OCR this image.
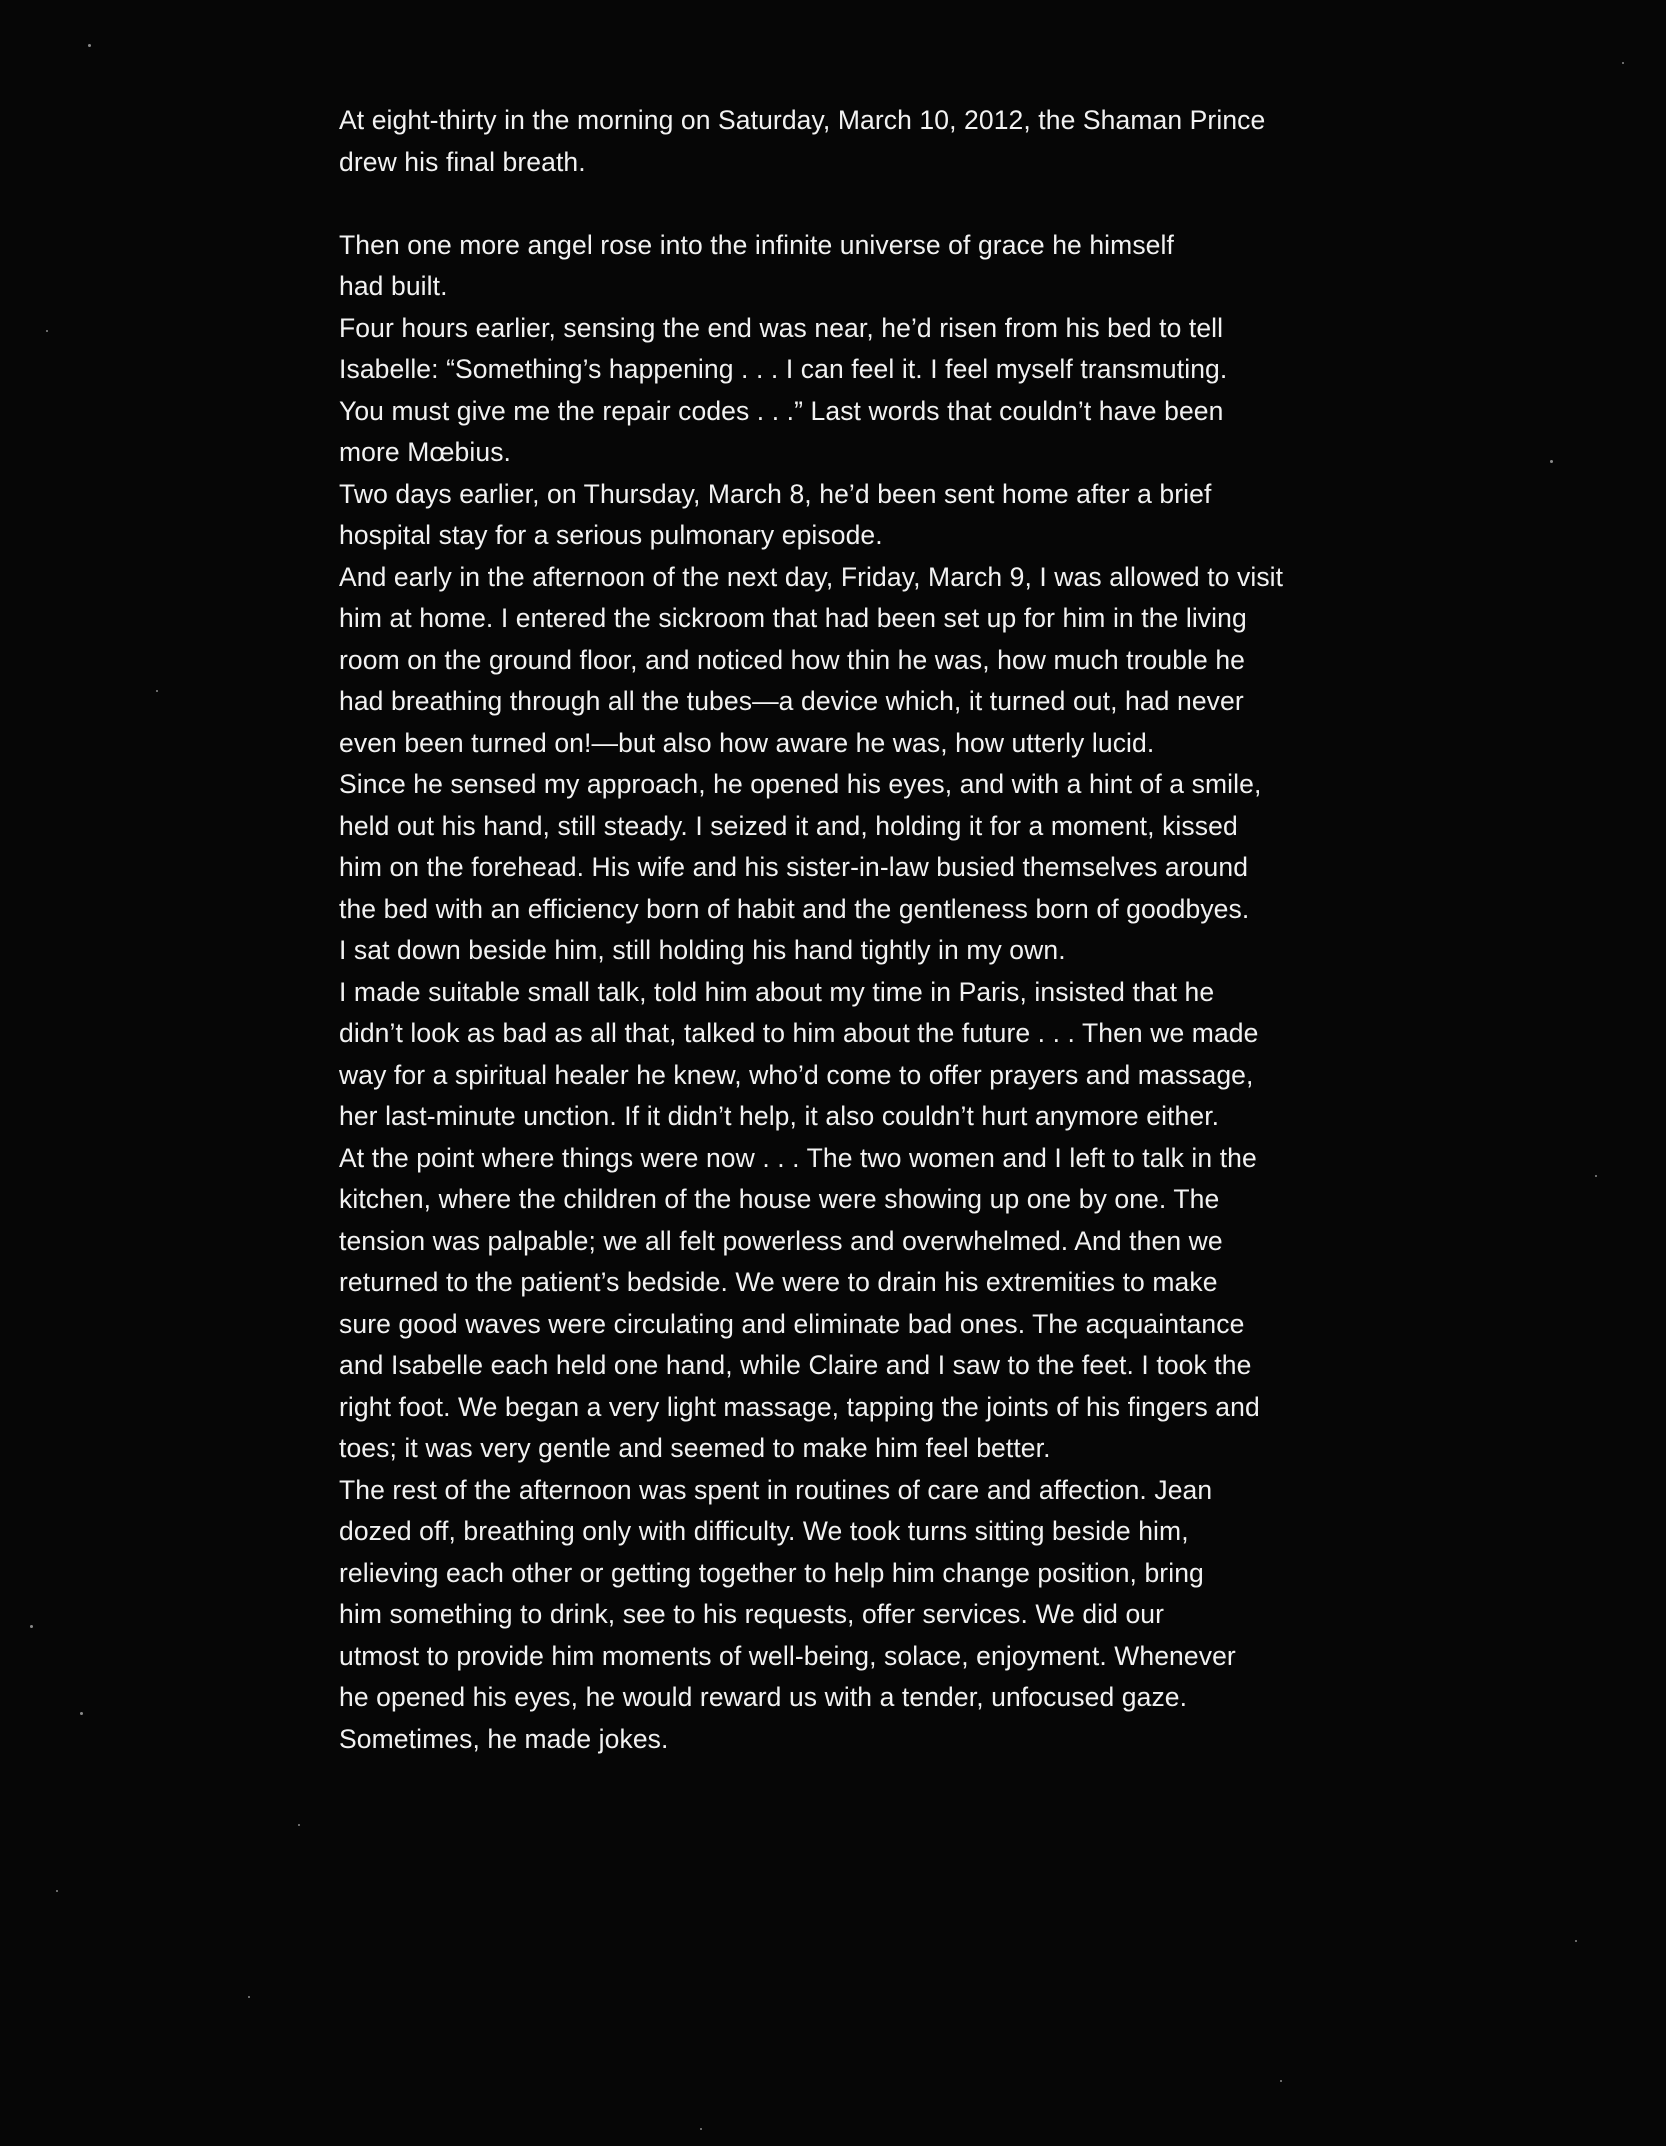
At eight-thirty in the morning on Saturday, March 10, 2012, the Shaman Prince
drew his final breath.
Then one more angel rose into the infinite universe of grace he himself
had built.
Four hours earlier, sensing the end was near, he’d risen from his bed to tell
Isabelle: “Something’s happening . . . I can feel it. I feel myself transmuting.
You must give me the repair codes . . .” Last words that couldn’t have been
more Mœbius.
Two days earlier, on Thursday, March 8, he’d been sent home after a brief
hospital stay for a serious pulmonary episode.
And early in the afternoon of the next day, Friday, March 9, I was allowed to visit
him at home. I entered the sickroom that had been set up for him in the living
room on the ground floor, and noticed how thin he was, how much trouble he
had breathing through all the tubes—a device which, it turned out, had never
even been turned on!—but also how aware he was, how utterly lucid.
Since he sensed my approach, he opened his eyes, and with a hint of a smile,
held out his hand, still steady. I seized it and, holding it for a moment, kissed
him on the forehead. His wife and his sister-in-law busied themselves around
the bed with an efficiency born of habit and the gentleness born of goodbyes.
I sat down beside him, still holding his hand tightly in my own.
I made suitable small talk, told him about my time in Paris, insisted that he
didn’t look as bad as all that, talked to him about the future . . . Then we made
way for a spiritual healer he knew, who’d come to offer prayers and massage,
her last-minute unction. If it didn’t help, it also couldn’t hurt anymore either.
At the point where things were now . . . The two women and I left to talk in the
kitchen, where the children of the house were showing up one by one. The
tension was palpable; we all felt powerless and overwhelmed. And then we
returned to the patient’s bedside. We were to drain his extremities to make
sure good waves were circulating and eliminate bad ones. The acquaintance
and Isabelle each held one hand, while Claire and I saw to the feet. I took the
right foot. We began a very light massage, tapping the joints of his fingers and
toes; it was very gentle and seemed to make him feel better.
The rest of the afternoon was spent in routines of care and affection. Jean
dozed off, breathing only with difficulty. We took turns sitting beside him,
relieving each other or getting together to help him change position, bring
him something to drink, see to his requests, offer services. We did our
utmost to provide him moments of well-being, solace, enjoyment. Whenever
he opened his eyes, he would reward us with a tender, unfocused gaze.
Sometimes, he made jokes.
